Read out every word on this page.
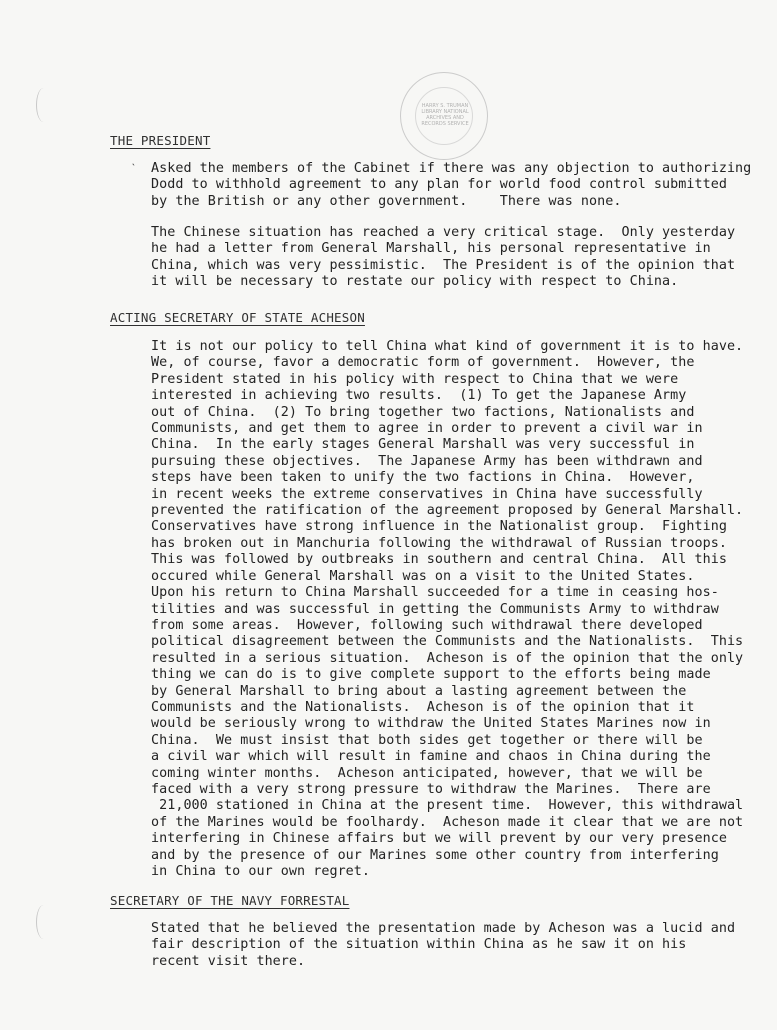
ˋ
HARRY S. TRUMAN LIBRARY NATIONAL ARCHIVES AND RECORDS SERVICE
THE PRESIDENT
Asked the members of the Cabinet if there was any objection to authorizing
Dodd to withhold agreement to any plan for world food control submitted
by the British or any other government.    There was none.
The Chinese situation has reached a very critical stage.  Only yesterday
he had a letter from General Marshall, his personal representative in
China, which was very pessimistic.  The President is of the opinion that
it will be necessary to restate our policy with respect to China.
ACTING SECRETARY OF STATE ACHESON
It is not our policy to tell China what kind of government it is to have.
We, of course, favor a democratic form of government.  However, the
President stated in his policy with respect to China that we were
interested in achieving two results.  (1) To get the Japanese Army
out of China.  (2) To bring together two factions, Nationalists and
Communists, and get them to agree in order to prevent a civil war in
China.  In the early stages General Marshall was very successful in
pursuing these objectives.  The Japanese Army has been withdrawn and
steps have been taken to unify the two factions in China.  However,
in recent weeks the extreme conservatives in China have successfully
prevented the ratification of the agreement proposed by General Marshall.
Conservatives have strong influence in the Nationalist group.  Fighting
has broken out in Manchuria following the withdrawal of Russian troops.
This was followed by outbreaks in southern and central China.  All this
occured while General Marshall was on a visit to the United States.
Upon his return to China Marshall succeeded for a time in ceasing hos-
tilities and was successful in getting the Communists Army to withdraw
from some areas.  However, following such withdrawal there developed
political disagreement between the Communists and the Nationalists.  This
resulted in a serious situation.  Acheson is of the opinion that the only
thing we can do is to give complete support to the efforts being made
by General Marshall to bring about a lasting agreement between the
Communists and the Nationalists.  Acheson is of the opinion that it
would be seriously wrong to withdraw the United States Marines now in
China.  We must insist that both sides get together or there will be
a civil war which will result in famine and chaos in China during the
coming winter months.  Acheson anticipated, however, that we will be
faced with a very strong pressure to withdraw the Marines.  There are
21,000 stationed in China at the present time.  However, this withdrawal
of the Marines would be foolhardy.  Acheson made it clear that we are not
interfering in Chinese affairs but we will prevent by our very presence
and by the presence of our Marines some other country from interfering
in China to our own regret.
SECRETARY OF THE NAVY FORRESTAL
Stated that he believed the presentation made by Acheson was a lucid and
fair description of the situation within China as he saw it on his
recent visit there.
